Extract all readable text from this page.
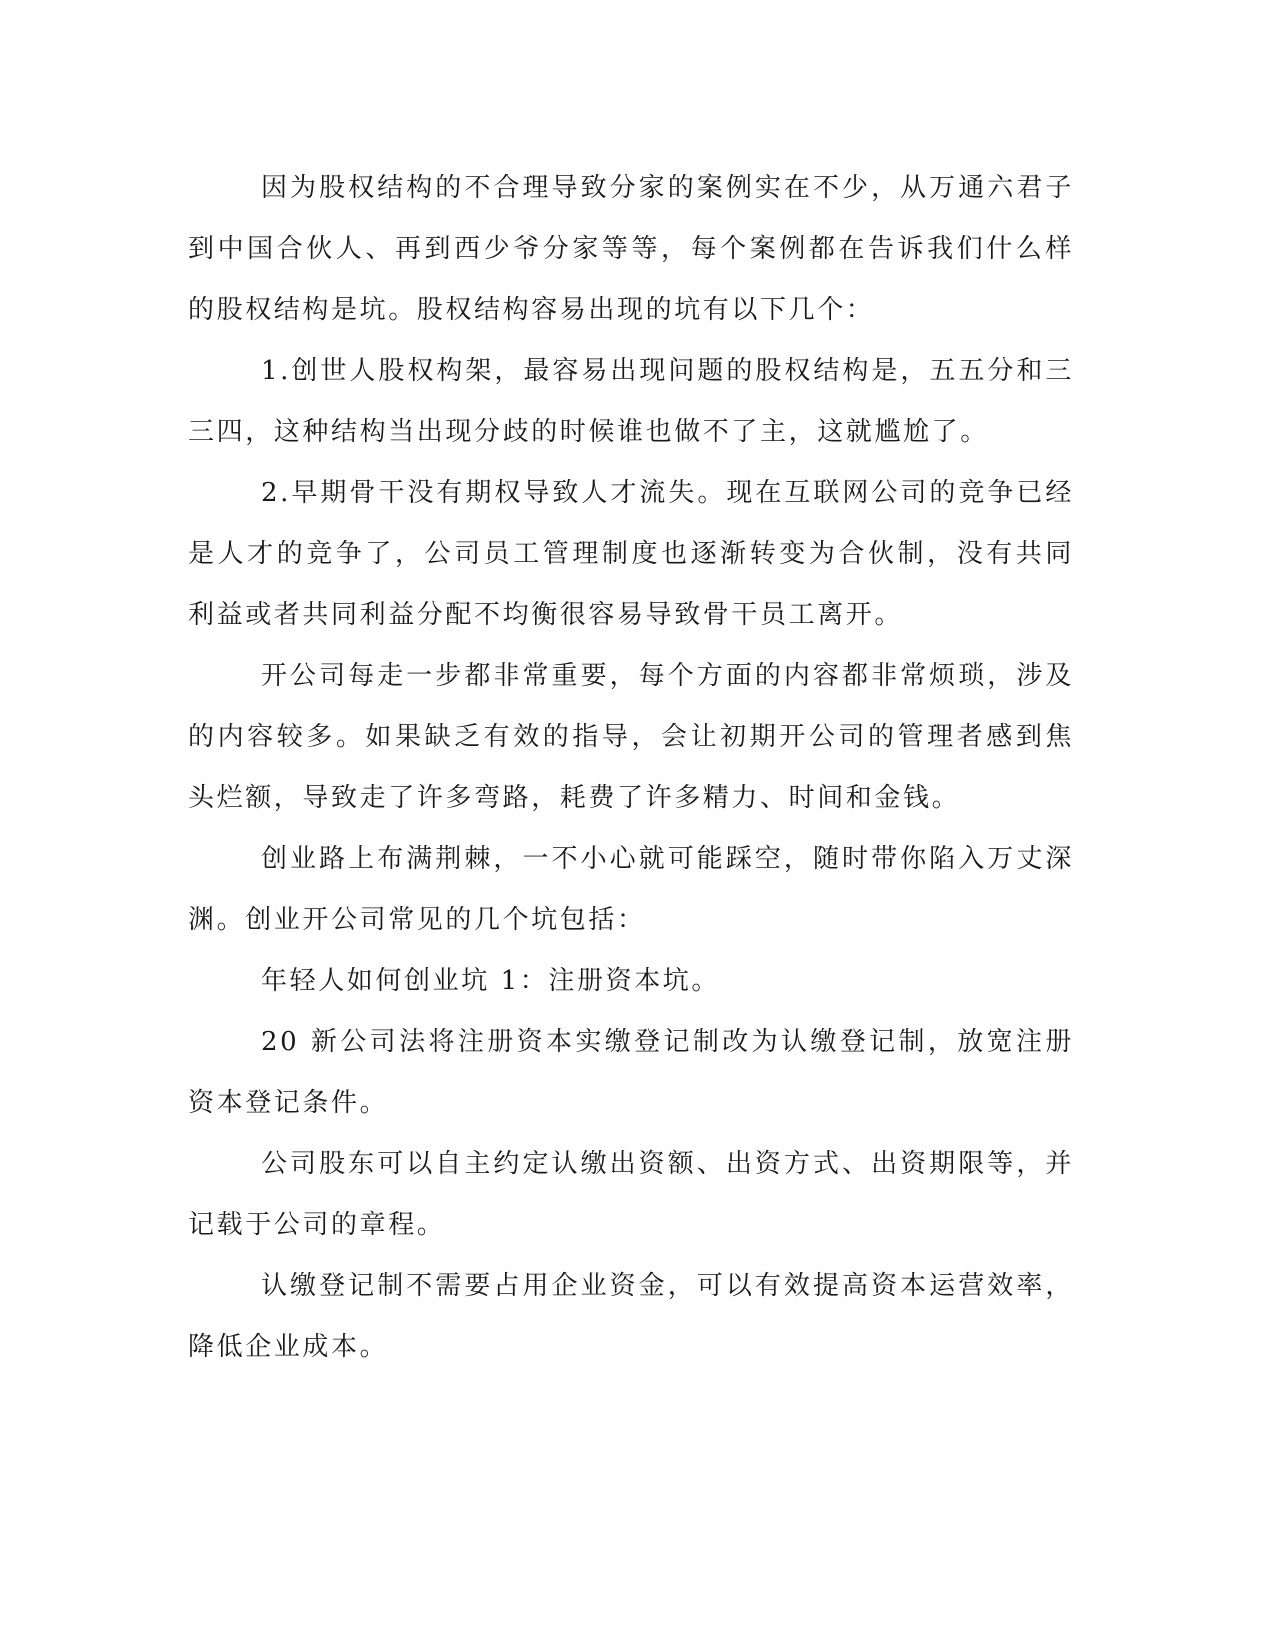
因为股权结构的不合理导致分家的案例实在不少，从万通六君子到中国合伙人、再到西少爷分家等等，每个案例都在告诉我们什么样的股权结构是坑。股权结构容易出现的坑有以下几个：

1.创世人股权构架，最容易出现问题的股权结构是，五五分和三三四，这种结构当出现分歧的时候谁也做不了主，这就尴尬了。

2.早期骨干没有期权导致人才流失。现在互联网公司的竞争已经是人才的竞争了，公司员工管理制度也逐渐转变为合伙制，没有共同利益或者共同利益分配不均衡很容易导致骨干员工离开。

开公司每走一步都非常重要，每个方面的内容都非常烦琐，涉及的内容较多。如果缺乏有效的指导，会让初期开公司的管理者感到焦头烂额，导致走了许多弯路，耗费了许多精力、时间和金钱。

创业路上布满荆棘，一不小心就可能踩空，随时带你陷入万丈深渊。创业开公司常见的几个坑包括：

年轻人如何创业坑 1：注册资本坑。

20 新公司法将注册资本实缴登记制改为认缴登记制，放宽注册资本登记条件。

公司股东可以自主约定认缴出资额、出资方式、出资期限等，并记载于公司的章程。

认缴登记制不需要占用企业资金，可以有效提高资本运营效率，降低企业成本。
